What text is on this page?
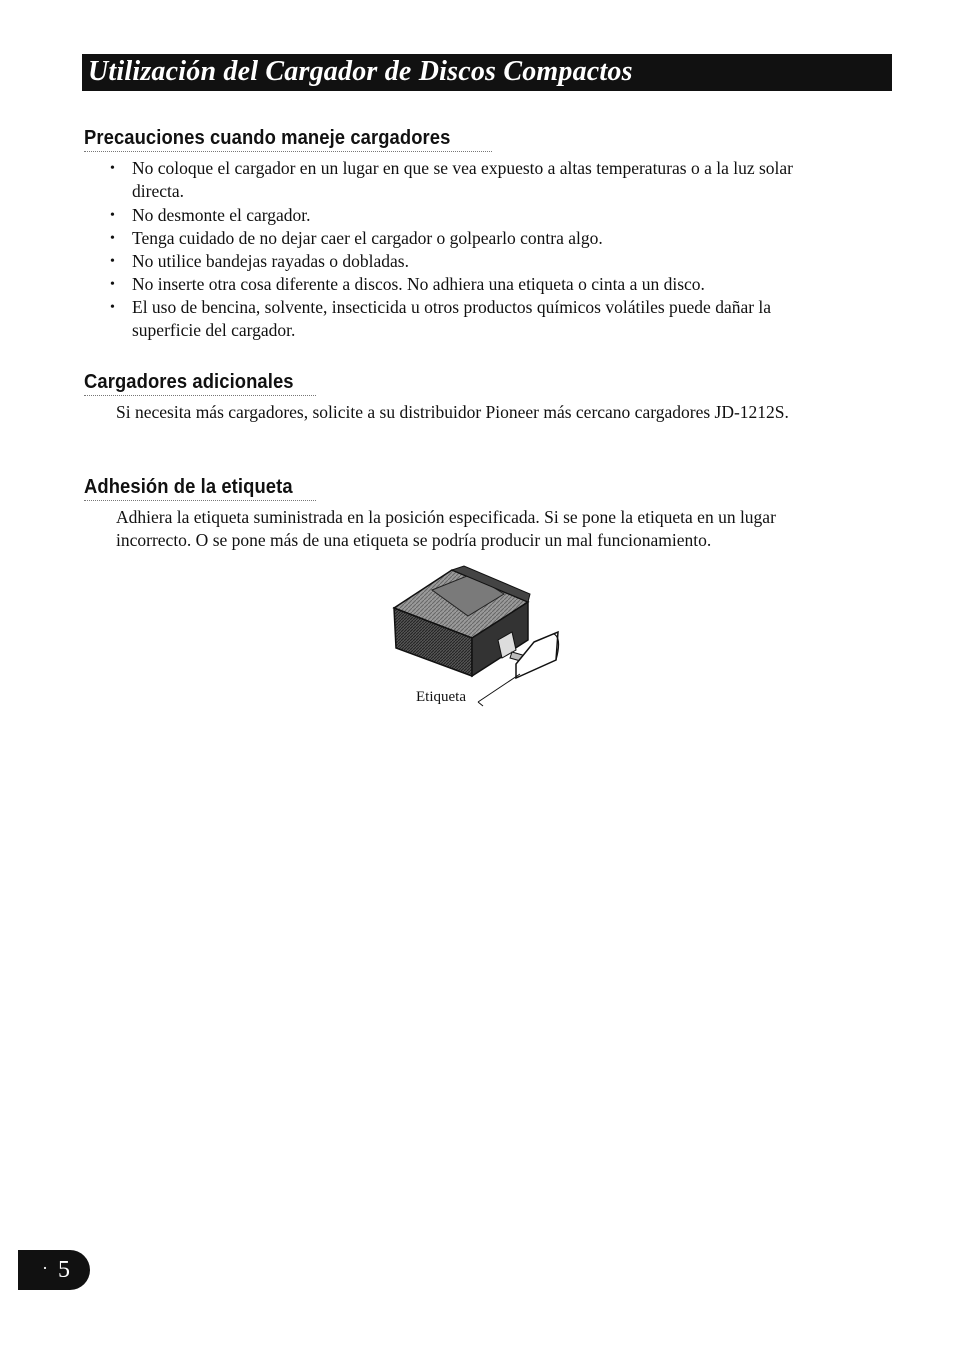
Utilización del Cargador de Discos Compactos
Precauciones cuando maneje cargadores
• No coloque el cargador en un lugar en que se vea expuesto a altas temperaturas o a la luz solar directa.
• No desmonte el cargador.
• Tenga cuidado de no dejar caer el cargador o golpearlo contra algo.
• No utilice bandejas rayadas o dobladas.
• No inserte otra cosa diferente a discos. No adhiera una etiqueta o cinta a un disco.
• El uso de bencina, solvente, insecticida u otros productos químicos volátiles puede dañar la superficie del cargador.
Cargadores adicionales
Si necesita más cargadores, solicite a su distribuidor Pioneer más cercano cargadores JD-1212S.
Adhesión de la etiqueta
Adhiera la etiqueta suministrada en la posición especificada. Si se pone la etiqueta en un lugar incorrecto. O se pone más de una etiqueta se podría producir un mal funcionamiento.
Etiqueta
· 5
